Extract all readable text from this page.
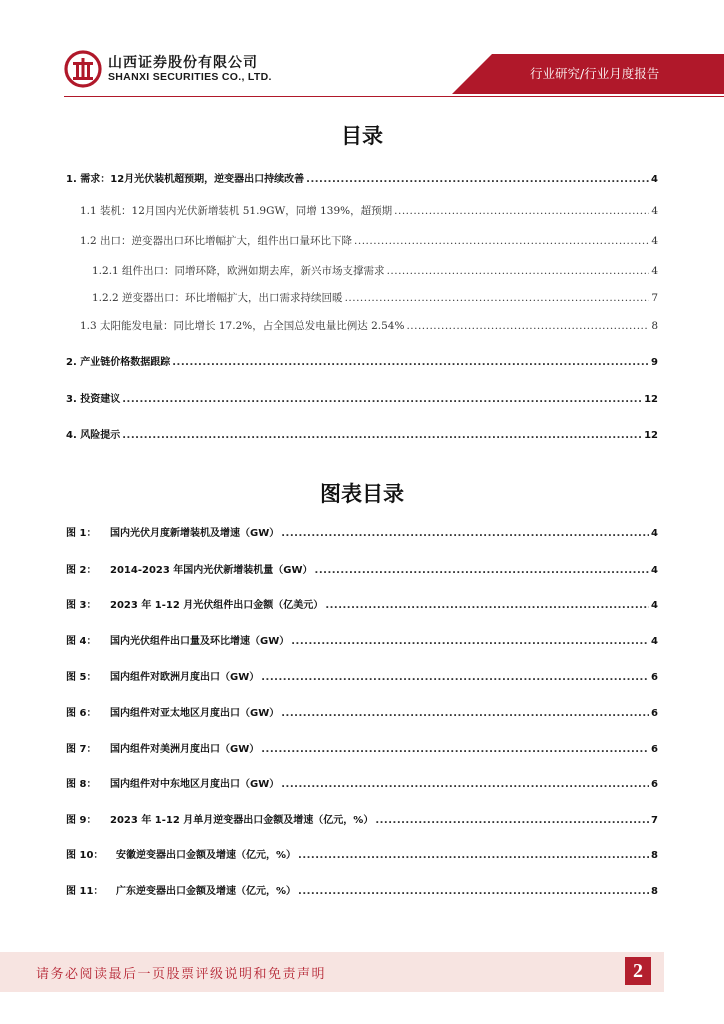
山西证券股份有限公司
SHANXI SECURITIES CO., LTD.	行业研究/行业月度报告
目录
1. 需求：12月光伏装机超预期，逆变器出口持续改善 .....	4
1.1 装机：12月国内光伏新增装机 51.9GW，同增 139%，超预期 .....	4
1.2 出口：逆变器出口环比增幅扩大，组件出口量环比下降 .....	4
1.2.1 组件出口：同增环降，欧洲如期去库，新兴市场支撑需求 .....	4
1.2.2 逆变器出口：环比增幅扩大，出口需求持续回暖 .....	7
1.3 太阳能发电量：同比增长 17.2%，占全国总发电量比例达 2.54% .....	8
2. 产业链价格数据跟踪 .....	9
3. 投资建议 .....	12
4. 风险提示 .....	12
图表目录
图 1：	国内光伏月度新增装机及增速（GW） .....	4
图 2：	2014-2023 年国内光伏新增装机量（GW） .....	4
图 3：	2023 年 1-12 月光伏组件出口金额（亿美元） .....	4
图 4：	国内光伏组件出口量及环比增速（GW） .....	4
图 5：	国内组件对欧洲月度出口（GW） .....	6
图 6：	国内组件对亚太地区月度出口（GW） .....	6
图 7：	国内组件对美洲月度出口（GW） .....	6
图 8：	国内组件对中东地区月度出口（GW） .....	6
图 9：	2023 年 1-12 月单月逆变器出口金额及增速（亿元，%） .....	7
图 10：	安徽逆变器出口金额及增速（亿元，%） .....	8
图 11：	广东逆变器出口金额及增速（亿元，%） .....	8
请务必阅读最后一页股票评级说明和免责声明	2
